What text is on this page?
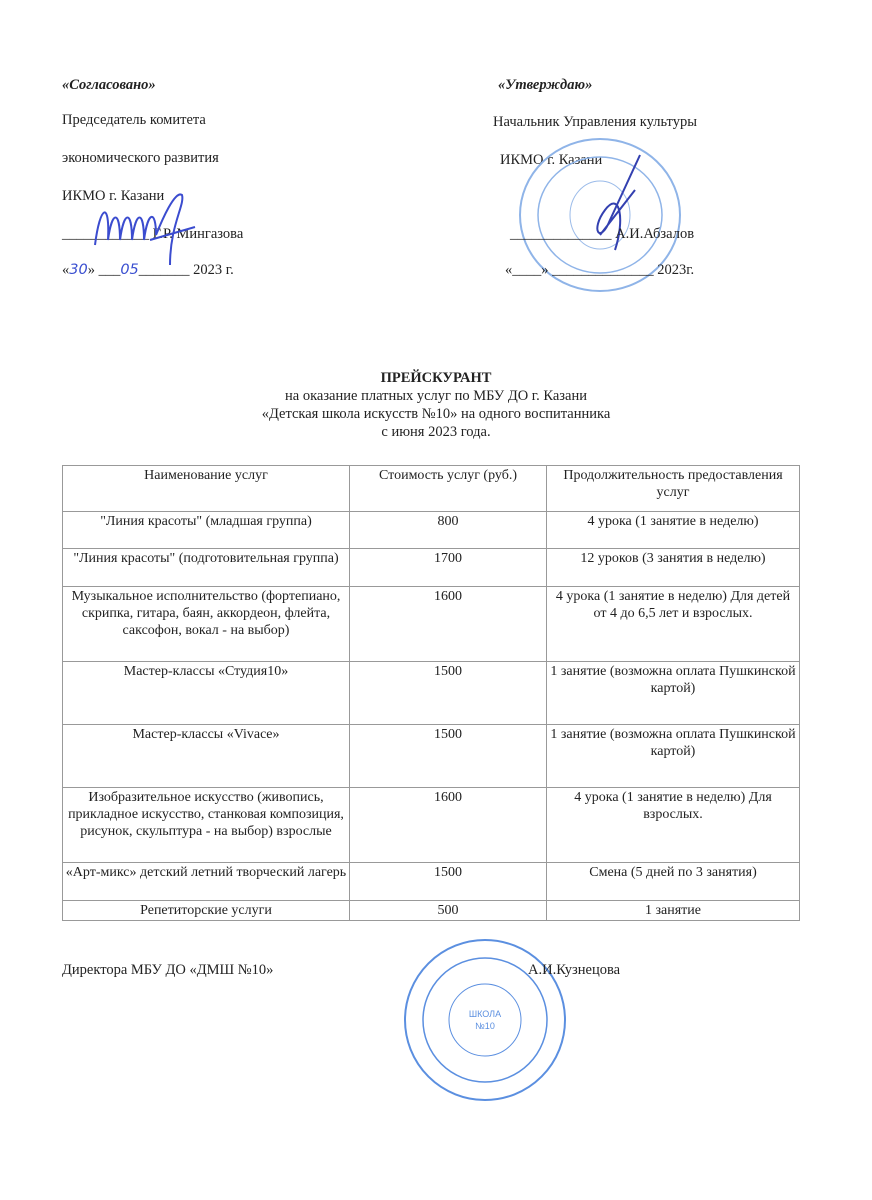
«Согласовано»
Председатель комитета
экономического развития
ИКМО г. Казани
____________ Г.Р. Мингазова
«30» ___05_______ 2023 г.
«Утверждаю»
Начальник Управления культуры
ИКМО г. Казани
______________ А.И.Абзалов
«____» ______________ 2023г.
ПРЕЙСКУРАНТ
на оказание платных услуг по МБУ ДО г. Казани
«Детская школа искусств №10» на одного воспитанника
с июня 2023 года.
Наименование услуг	Стоимость услуг (руб.)	Продолжительность предоставления услуг
"Линия красоты" (младшая группа)	800	4 урока (1 занятие в неделю)
"Линия красоты" (подготовительная группа)	1700	12 уроков (3 занятия в неделю)
Музыкальное исполнительство (фортепиано, скрипка, гитара, баян, аккордеон, флейта, саксофон, вокал - на выбор)	1600	4 урока (1 занятие в неделю) Для детей от 4 до 6,5 лет и взрослых.
Мастер-классы «Студия10»	1500	1 занятие (возможна оплата Пушкинской картой)
Мастер-классы «Vivace»	1500	1 занятие (возможна оплата Пушкинской картой)
Изобразительное искусство (живопись, прикладное искусство, станковая композиция, рисунок, скульптура - на выбор) взрослые	1600	4 урока (1 занятие в неделю) Для взрослых.
«Арт-микс» детский летний творческий лагерь	1500	Смена (5 дней по 3 занятия)
Репетиторские услуги	500	1 занятие
ШКОЛА
№10
Директора МБУ ДО «ДМШ №10»	А.И.Кузнецова
